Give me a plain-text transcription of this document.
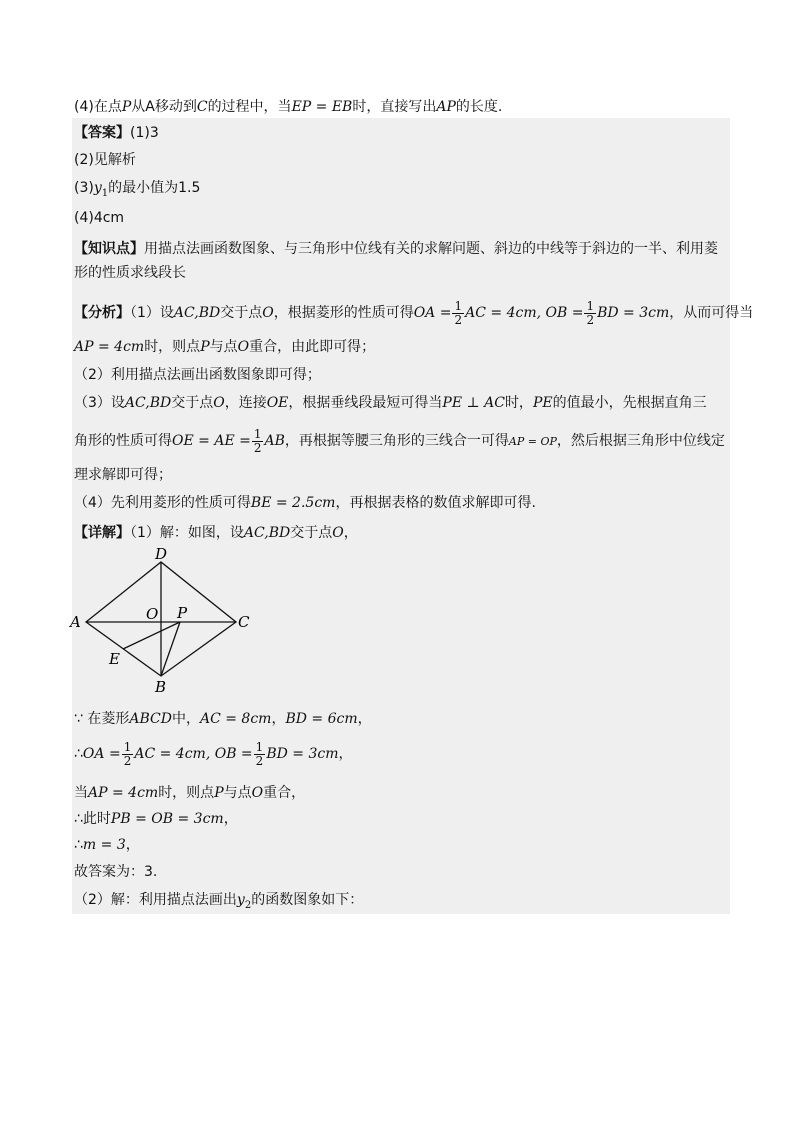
(4)在点P从A移动到C的过程中，当EP = EB时，直接写出AP的长度.
【答案】(1)3
(2)见解析
$(3)y_1$的最小值为1.5
(4)4cm
【知识点】用描点法画函数图象、与三角形中位线有关的求解问题、斜边的中线等于斜边的一半、利用菱
形的性质求线段长
【分析】（1）设AC,BD交于点O，根据菱形的性质可得OA = $\frac{1}{2}$ AC = 4cm, OB = $\frac{1}{2}$ BD = 3cm，从而可得当
AP = 4cm时，则点P与点O重合，由此即可得；
（2）利用描点法画出函数图象即可得；
（3）设AC,BD交于点O，连接OE，根据垂线段最短可得当PE ⊥ AC时，PE的值最小，先根据直角三
角形的性质可得OE = AE = $\frac{1}{2}$ AB，再根据等腰三角形的三线合一可得AP = OP，然后根据三角形中位线定
理求解即可得；
（4）先利用菱形的性质可得BE = 2.5cm，再根据表格的数值求解即可得.
【详解】（1）解：如图，设AC,BD交于点O，
D
A	O P	C
E
B
∵ 在菱形ABCD中，AC = 8cm，BD = 6cm，
∴OA = $\frac{1}{2}$ AC = 4cm, OB = $\frac{1}{2}$ BD = 3cm，
当AP = 4cm时，则点P与点O重合，
∴此时PB = OB = 3cm，
∴m = 3，
故答案为：3.
（2）解：利用描点法画出$y_2$的函数图象如下：
